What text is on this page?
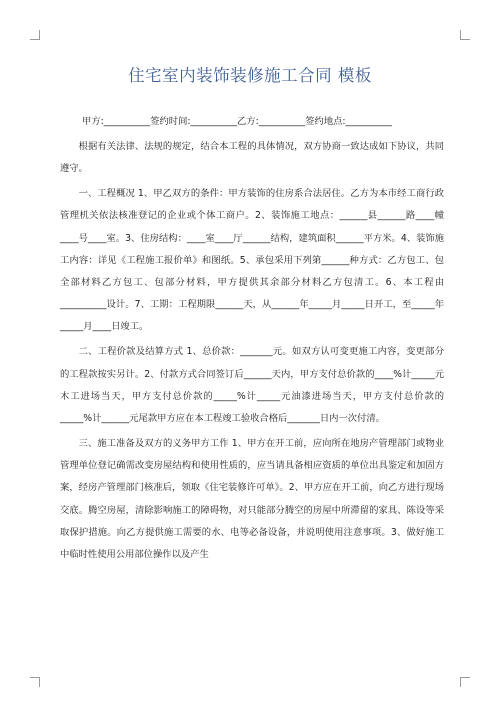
住宅室内装饰装修施工合同 模板

甲方:__________签约时间:__________乙方:__________签约地点:__________

根据有关法律、法规的规定，结合本工程的具体情况，双方协商一致达成如下协议，共同遵守。

一、工程概况 1、甲乙双方的条件：甲方装饰的住房系合法居住。乙方为本市经工商行政管理机关依法核准登记的企业或个体工商户。2、装饰施工地点：______县______路____幢____号____室。3、住房结构：____室____厅______结构，建筑面积______平方米。4、装饰施工内容：详见《工程施工报价单》和图纸。5、承包采用下列第______种方式：乙方包工、包全部材料乙方包工、包部分材料，甲方提供其余部分材料乙方包清工。6、本工程由__________设计。7、工期：工程期限______天，从______年_____月_____日开工，至_____年_____月____日竣工。

二、工程价款及结算方式 1、总价款：_______元。如双方认可变更施工内容，变更部分的工程款按实另计。2、付款方式合同签订后______天内，甲方支付总价款的____%计_____元木工进场当天，甲方支付总价款的_____%计_____元油漆进场当天，甲方支付总价款的_____%计______元尾款甲方应在本工程竣工验收合格后_______日内一次付清。

三、施工准备及双方的义务甲方工作 1、甲方在开工前，应向所在地房产管理部门或物业管理单位登记确需改变房屋结构和使用性质的，应当请具备相应资质的单位出具鉴定和加固方案，经房产管理部门核准后，领取《住宅装修许可单》。2、甲方应在开工前，向乙方进行现场交底。腾空房屋，清除影响施工的障碍物，对只能部分腾空的房屋中所滞留的家具、陈设等采取保护措施。向乙方提供施工需要的水、电等必备设备，并说明使用注意事项。3、做好施工中临时性使用公用部位操作以及产生
